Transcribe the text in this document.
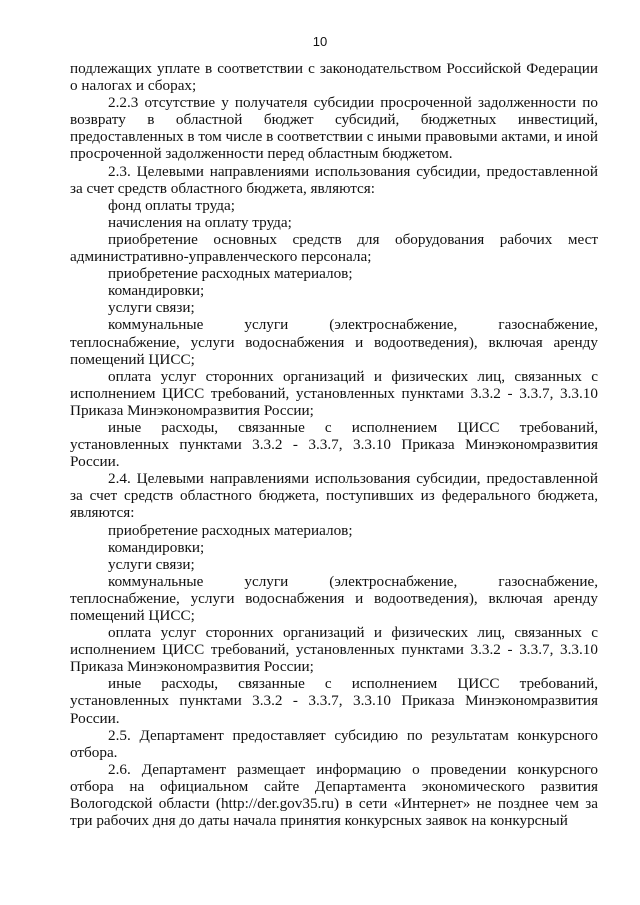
10

подлежащих уплате в соответствии с законодательством Российской Федерации о налогах и сборах;

2.2.3 отсутствие у получателя субсидии просроченной задолженности по возврату в областной бюджет субсидий, бюджетных инвестиций, предоставленных в том числе в соответствии с иными правовыми актами, и иной просроченной задолженности перед областным бюджетом.

2.3. Целевыми направлениями использования субсидии, предоставленной за счет средств областного бюджета, являются:

фонд оплаты труда;

начисления на оплату труда;

приобретение основных средств для оборудования рабочих мест административно-управленческого персонала;

приобретение расходных материалов;

командировки;

услуги связи;

коммунальные услуги (электроснабжение, газоснабжение, теплоснабжение, услуги водоснабжения и водоотведения), включая аренду помещений ЦИСС;

оплата услуг сторонних организаций и физических лиц, связанных с исполнением ЦИСС требований, установленных пунктами 3.3.2 - 3.3.7, 3.3.10 Приказа Минэкономразвития России;

иные расходы, связанные с исполнением ЦИСС требований, установленных пунктами 3.3.2 - 3.3.7, 3.3.10 Приказа Минэкономразвития России.

2.4. Целевыми направлениями использования субсидии, предоставленной за счет средств областного бюджета, поступивших из федерального бюджета, являются:

приобретение расходных материалов;

командировки;

услуги связи;

коммунальные услуги (электроснабжение, газоснабжение, теплоснабжение, услуги водоснабжения и водоотведения), включая аренду помещений ЦИСС;

оплата услуг сторонних организаций и физических лиц, связанных с исполнением ЦИСС требований, установленных пунктами 3.3.2 - 3.3.7, 3.3.10 Приказа Минэкономразвития России;

иные расходы, связанные с исполнением ЦИСС требований, установленных пунктами 3.3.2 - 3.3.7, 3.3.10 Приказа Минэкономразвития России.

2.5. Департамент предоставляет субсидию по результатам конкурсного отбора.

2.6. Департамент размещает информацию о проведении конкурсного отбора на официальном сайте Департамента экономического развития Вологодской области (http://der.gov35.ru) в сети «Интернет» не позднее чем за три рабочих дня до даты начала принятия конкурсных заявок на конкурсный
